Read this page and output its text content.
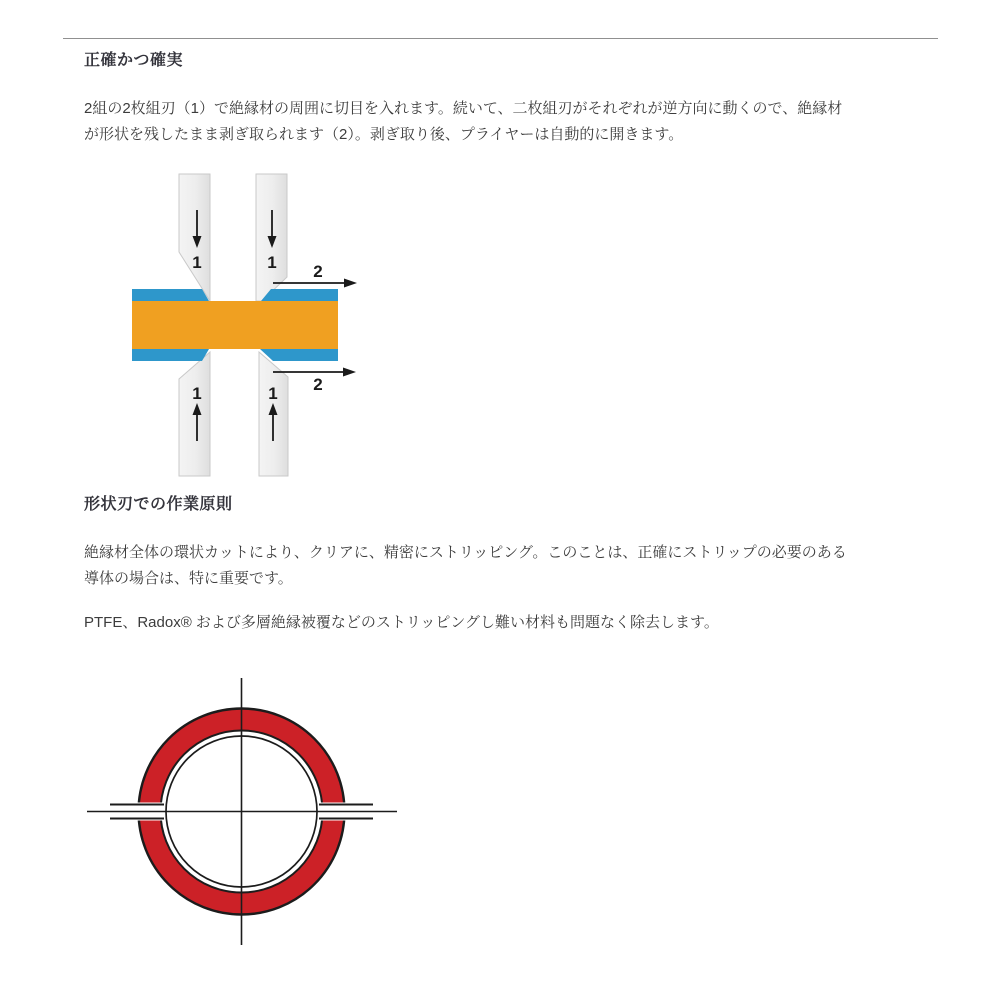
正確かつ確実

2組の2枚組刃（1）で絶縁材の周囲に切目を入れます。続いて、二枚組刃がそれぞれが逆方向に動くので、絶縁材
が形状を残したまま剥ぎ取られます（2）。剥ぎ取り後、プライヤーは自動的に開きます。

1	1
1	1
2
2
形状刃での作業原則

絶縁材全体の環状カットにより、クリアに、精密にストリッピング。このことは、正確にストリップの必要のある
導体の場合は、特に重要です。

PTFE、Radox® および多層絶縁被覆などのストリッピングし難い材料も問題なく除去します。
